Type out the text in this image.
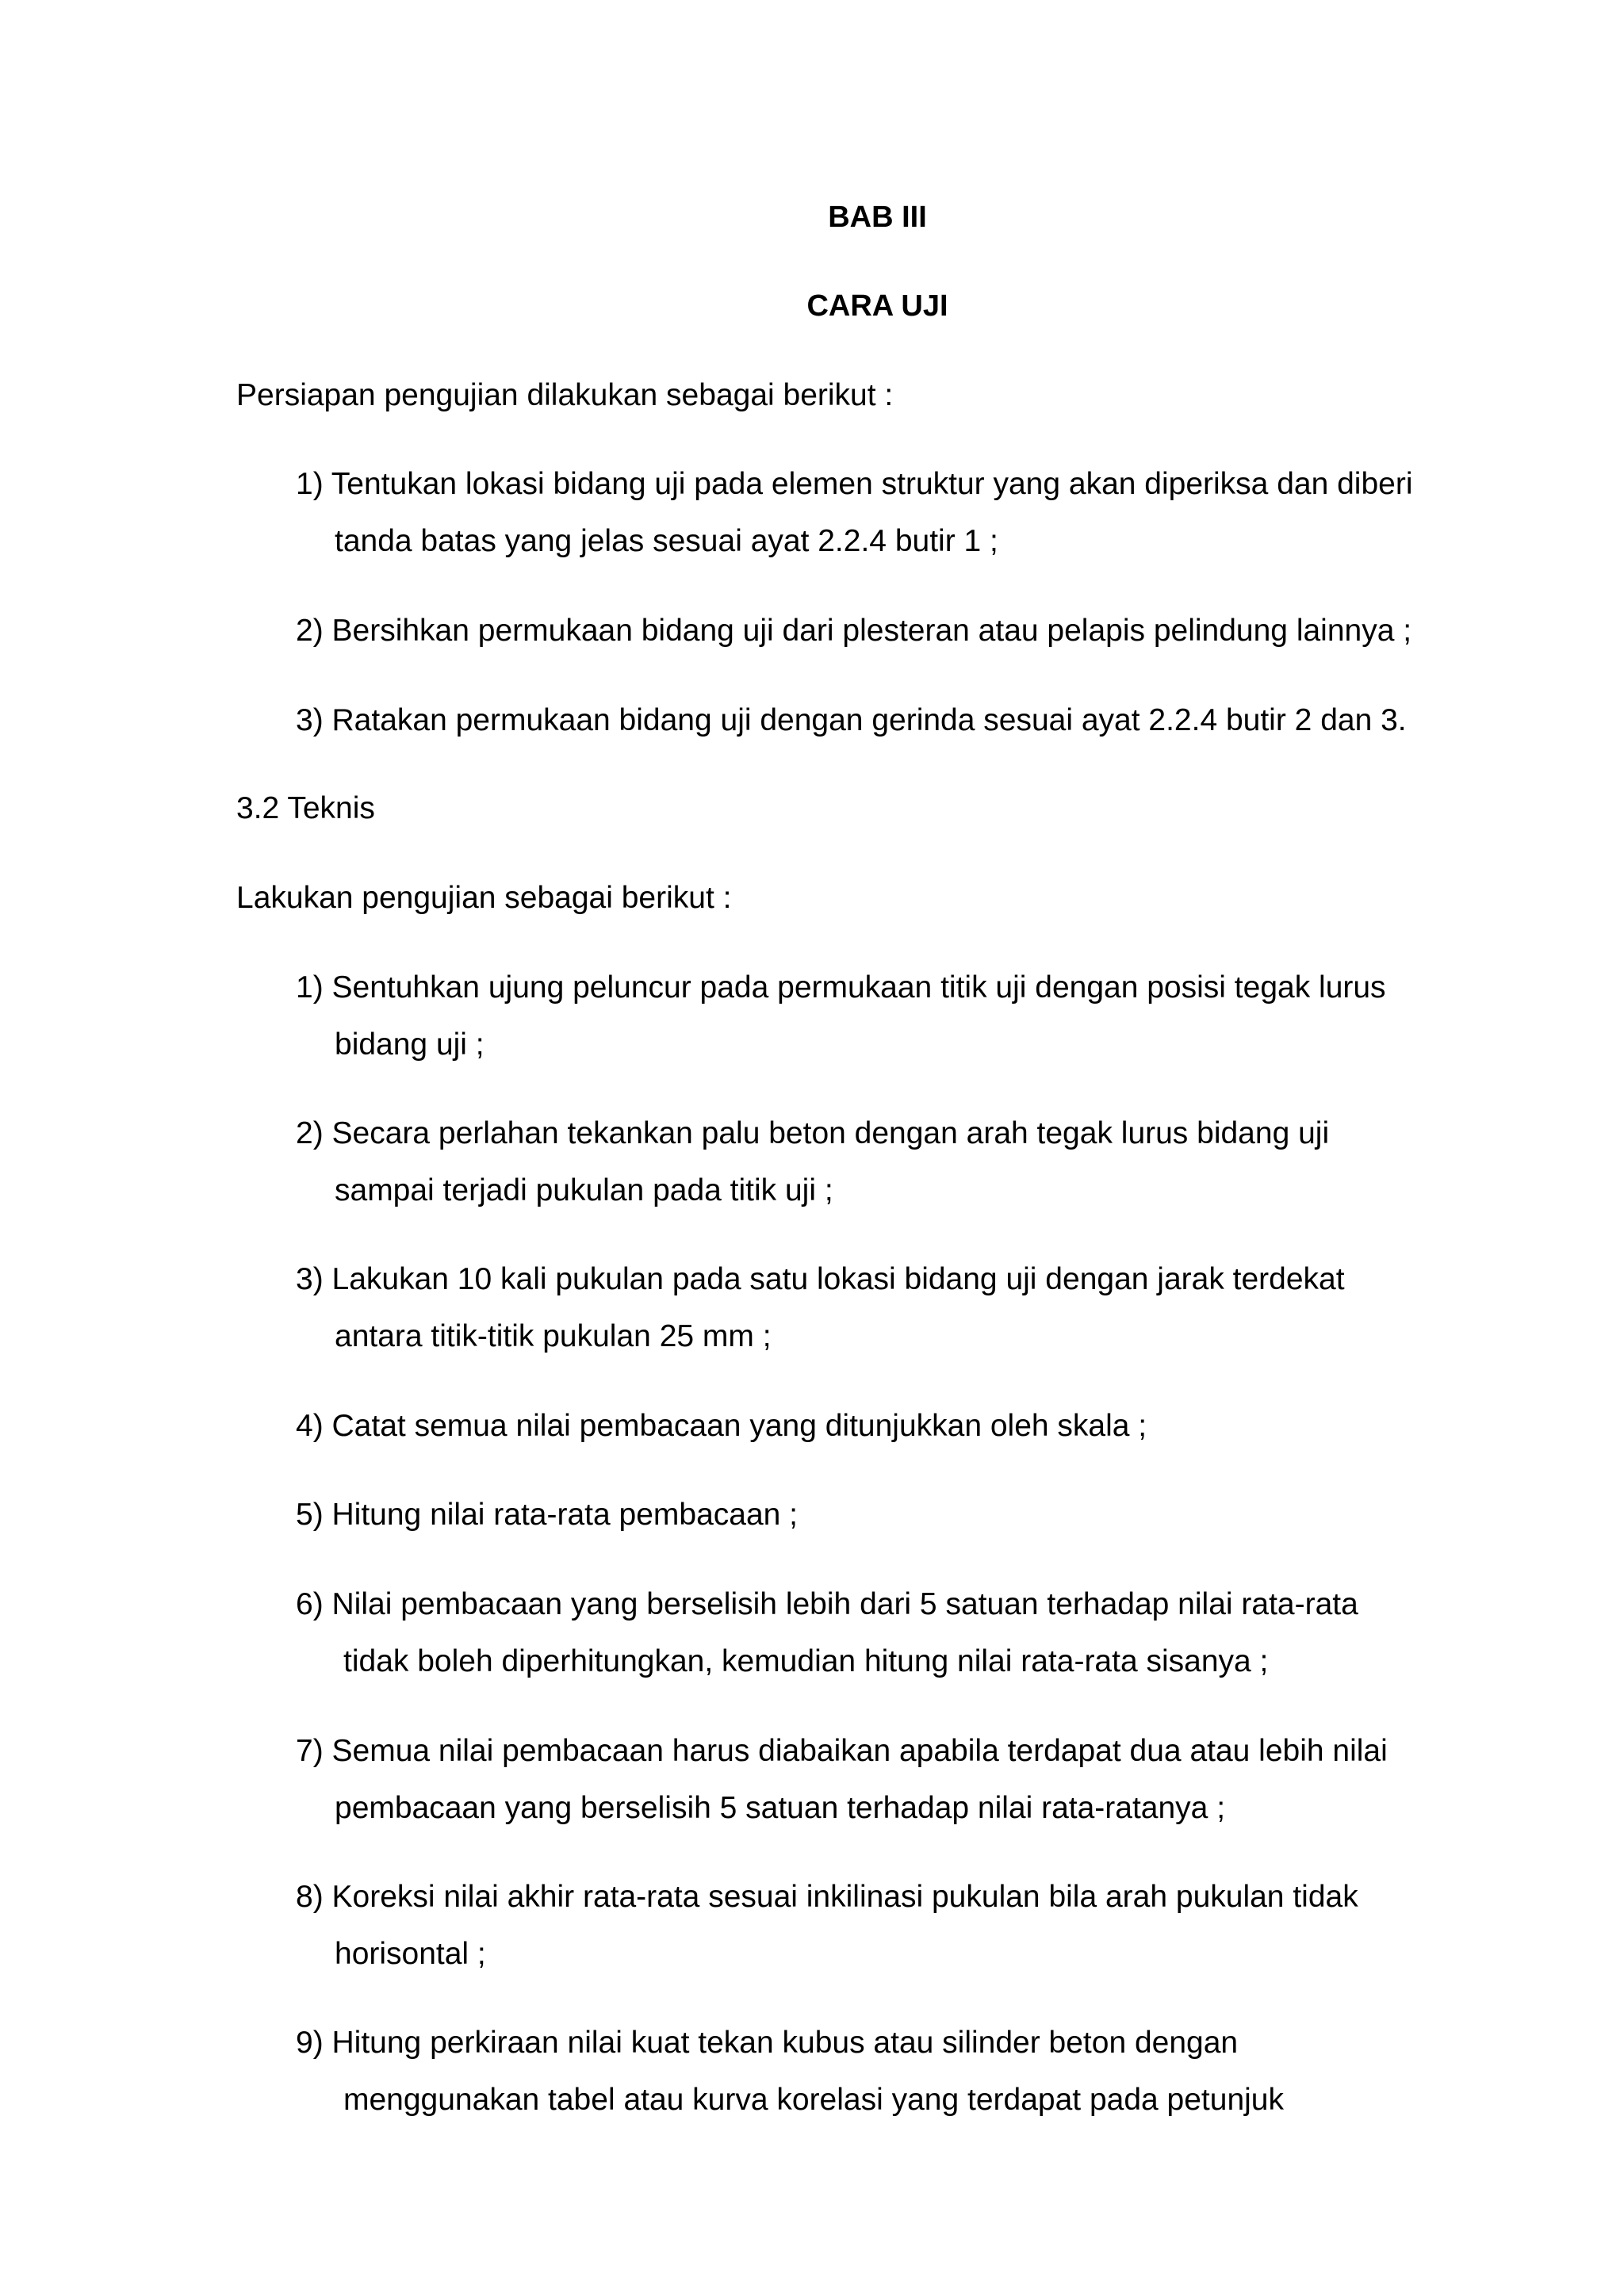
BAB III
CARA UJI
Persiapan pengujian dilakukan sebagai berikut :
1) Tentukan lokasi bidang uji pada elemen struktur yang akan diperiksa dan diberi
tanda batas yang jelas sesuai ayat 2.2.4 butir 1 ;
2) Bersihkan permukaan bidang uji dari plesteran atau pelapis pelindung lainnya ;
3) Ratakan permukaan bidang uji dengan gerinda sesuai ayat 2.2.4 butir 2 dan 3.
3.2 Teknis
Lakukan pengujian sebagai berikut :
1) Sentuhkan ujung peluncur pada permukaan titik uji dengan posisi tegak lurus
bidang uji ;
2) Secara perlahan tekankan palu beton dengan arah tegak lurus bidang uji
sampai terjadi pukulan pada titik uji ;
3) Lakukan 10 kali pukulan pada satu lokasi bidang uji dengan jarak terdekat
antara titik-titik pukulan 25 mm ;
4) Catat semua nilai pembacaan yang ditunjukkan oleh skala ;
5) Hitung nilai rata-rata pembacaan ;
6) Nilai pembacaan yang berselisih lebih dari 5 satuan terhadap nilai rata-rata
tidak boleh diperhitungkan, kemudian hitung nilai rata-rata sisanya ;
7) Semua nilai pembacaan harus diabaikan apabila terdapat dua atau lebih nilai
pembacaan yang berselisih 5 satuan terhadap nilai rata-ratanya ;
8) Koreksi nilai akhir rata-rata sesuai inkilinasi pukulan bila arah pukulan tidak
horisontal ;
9) Hitung perkiraan nilai kuat tekan kubus atau silinder beton dengan
menggunakan tabel atau kurva korelasi yang terdapat pada petunjuk
